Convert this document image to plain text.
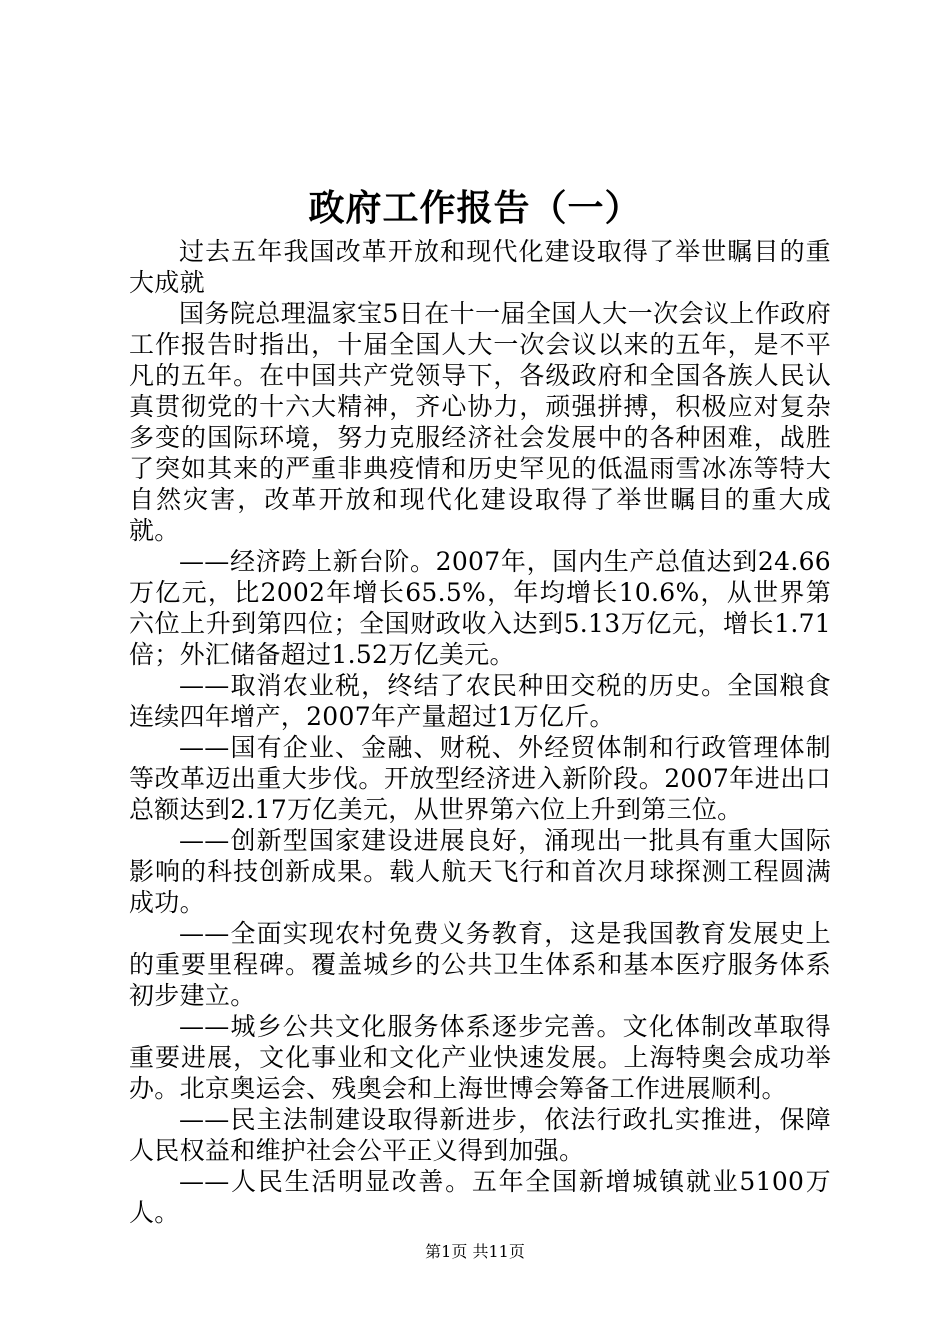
政府工作报告（一）

过去五年我国改革开放和现代化建设取得了举世瞩目的重大成就

国务院总理温家宝5日在十一届全国人大一次会议上作政府工作报告时指出，十届全国人大一次会议以来的五年，是不平凡的五年。在中国共产党领导下，各级政府和全国各族人民认真贯彻党的十六大精神，齐心协力，顽强拼搏，积极应对复杂多变的国际环境，努力克服经济社会发展中的各种困难，战胜了突如其来的严重非典疫情和历史罕见的低温雨雪冰冻等特大自然灾害，改革开放和现代化建设取得了举世瞩目的重大成就。

——经济跨上新台阶。2007年，国内生产总值达到24.66万亿元，比2002年增长65.5%，年均增长10.6%，从世界第六位上升到第四位；全国财政收入达到5.13万亿元，增长1.71倍；外汇储备超过1.52万亿美元。

——取消农业税，终结了农民种田交税的历史。全国粮食连续四年增产，2007年产量超过1万亿斤。

——国有企业、金融、财税、外经贸体制和行政管理体制等改革迈出重大步伐。开放型经济进入新阶段。2007年进出口总额达到2.17万亿美元，从世界第六位上升到第三位。

——创新型国家建设进展良好，涌现出一批具有重大国际影响的科技创新成果。载人航天飞行和首次月球探测工程圆满成功。

——全面实现农村免费义务教育，这是我国教育发展史上的重要里程碑。覆盖城乡的公共卫生体系和基本医疗服务体系初步建立。

——城乡公共文化服务体系逐步完善。文化体制改革取得重要进展，文化事业和文化产业快速发展。上海特奥会成功举办。北京奥运会、残奥会和上海世博会筹备工作进展顺利。

——民主法制建设取得新进步，依法行政扎实推进，保障人民权益和维护社会公平正义得到加强。

——人民生活明显改善。五年全国新增城镇就业5100万人。

第1页 共11页
